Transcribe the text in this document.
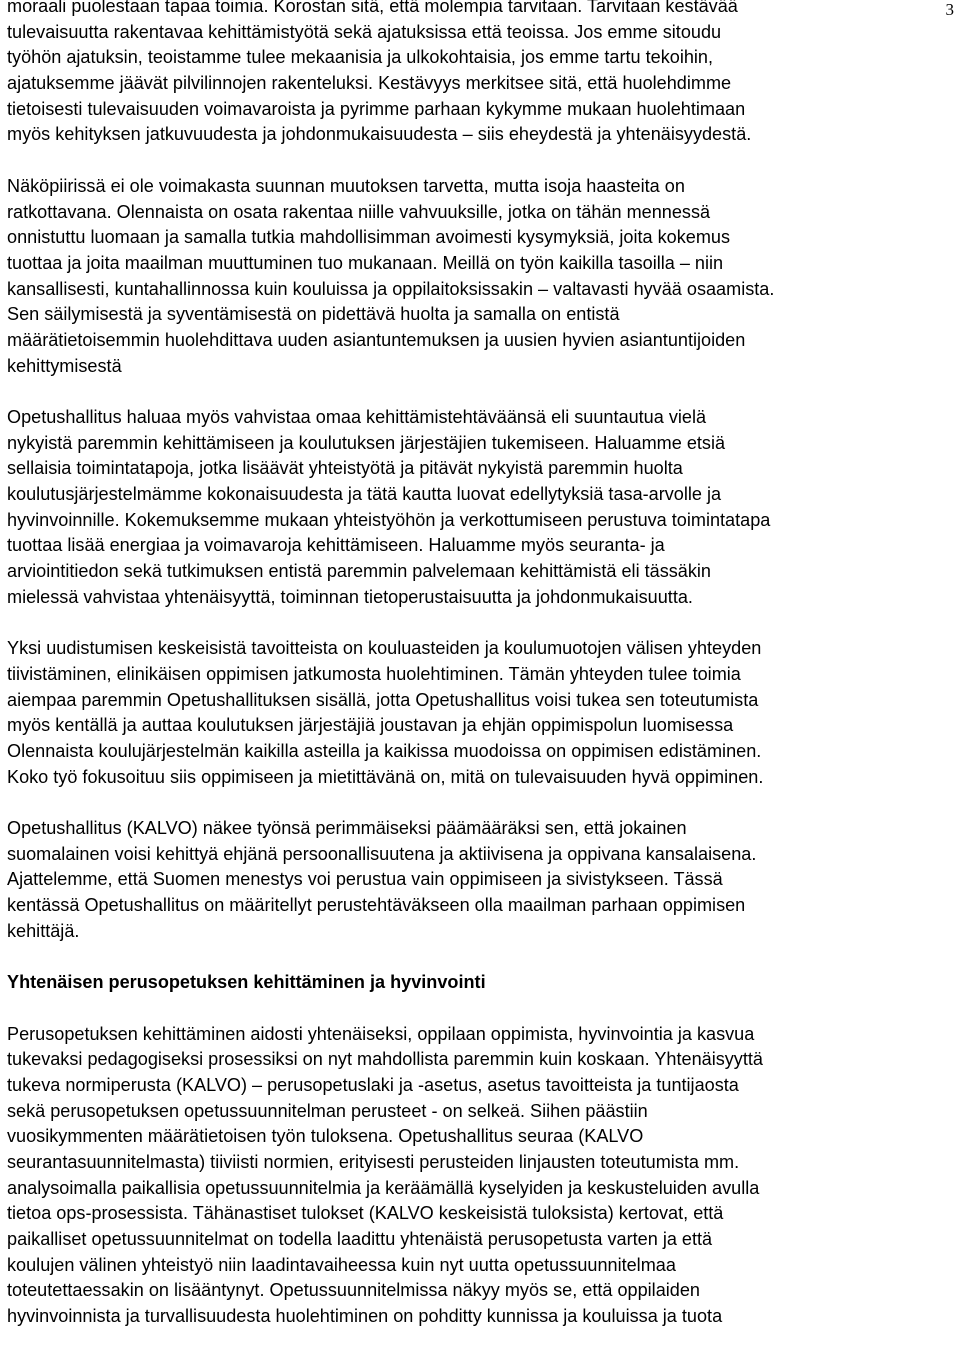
3

moraali puolestaan tapaa toimia. Korostan sitä, että molempia tarvitaan. Tarvitaan kestävää
tulevaisuutta rakentavaa kehittämistyötä sekä ajatuksissa että teoissa. Jos emme sitoudu
työhön ajatuksin, teoistamme tulee mekaanisia ja ulkokohtaisia, jos emme tartu tekoihin,
ajatuksemme jäävät pilvilinnojen rakenteluksi. Kestävyys merkitsee sitä, että huolehdimme
tietoisesti tulevaisuuden voimavaroista ja pyrimme parhaan kykymme mukaan huolehtimaan
myös kehityksen jatkuvuudesta ja johdonmukaisuudesta – siis eheydestä ja yhtenäisyydestä.

Näköpiirissä ei ole voimakasta suunnan muutoksen tarvetta, mutta isoja haasteita on
ratkottavana. Olennaista on osata rakentaa niille vahvuuksille, jotka on tähän mennessä
onnistuttu luomaan ja samalla tutkia mahdollisimman avoimesti kysymyksiä, joita kokemus
tuottaa ja joita maailman muuttuminen tuo mukanaan. Meillä on työn kaikilla tasoilla – niin
kansallisesti, kuntahallinnossa kuin kouluissa ja oppilaitoksissakin – valtavasti hyvää osaamista.
Sen säilymisestä ja syventämisestä on pidettävä huolta ja samalla on entistä
määrätietoisemmin huolehdittava uuden asiantuntemuksen ja uusien hyvien asiantuntijoiden
kehittymisestä

Opetushallitus haluaa myös vahvistaa omaa kehittämistehtäväänsä eli suuntautua vielä
nykyistä paremmin kehittämiseen ja koulutuksen järjestäjien tukemiseen. Haluamme etsiä
sellaisia toimintatapoja, jotka lisäävät yhteistyötä ja pitävät nykyistä paremmin huolta
koulutusjärjestelmämme kokonaisuudesta ja tätä kautta luovat edellytyksiä tasa-arvolle ja
hyvinvoinnille. Kokemuksemme mukaan yhteistyöhön ja verkottumiseen perustuva toimintatapa
tuottaa lisää energiaa ja voimavaroja kehittämiseen. Haluamme myös seuranta- ja
arviointitiedon sekä tutkimuksen entistä paremmin palvelemaan kehittämistä eli tässäkin
mielessä vahvistaa yhtenäisyyttä, toiminnan tietoperustaisuutta ja johdonmukaisuutta.

Yksi uudistumisen keskeisistä tavoitteista on kouluasteiden ja koulumuotojen välisen yhteyden
tiivistäminen, elinikäisen oppimisen jatkumosta huolehtiminen. Tämän yhteyden tulee toimia
aiempaa paremmin Opetushallituksen sisällä, jotta Opetushallitus voisi tukea sen toteutumista
myös kentällä ja auttaa koulutuksen järjestäjiä joustavan ja ehjän oppimispolun luomisessa
Olennaista koulujärjestelmän kaikilla asteilla ja kaikissa muodoissa on oppimisen edistäminen.
Koko työ fokusoituu siis oppimiseen ja mietittävänä on, mitä on tulevaisuuden hyvä oppiminen.

Opetushallitus (KALVO) näkee työnsä perimmäiseksi päämääräksi sen, että jokainen
suomalainen voisi kehittyä ehjänä persoonallisuutena ja aktiivisena ja oppivana kansalaisena.
Ajattelemme, että Suomen menestys voi perustua vain oppimiseen ja sivistykseen. Tässä
kentässä Opetushallitus on määritellyt perustehtäväkseen olla maailman parhaan oppimisen
kehittäjä.

Yhtenäisen perusopetuksen kehittäminen ja hyvinvointi

Perusopetuksen kehittäminen aidosti yhtenäiseksi, oppilaan oppimista, hyvinvointia ja kasvua
tukevaksi pedagogiseksi prosessiksi on nyt mahdollista paremmin kuin koskaan. Yhtenäisyyttä
tukeva normiperusta (KALVO) – perusopetuslaki ja -asetus, asetus tavoitteista ja tuntijaosta
sekä perusopetuksen opetussuunnitelman perusteet - on selkeä. Siihen päästiin
vuosikymmenten määrätietoisen työn tuloksena. Opetushallitus seuraa (KALVO
seurantasuunnitelmasta) tiiviisti normien, erityisesti perusteiden linjausten toteutumista mm.
analysoimalla paikallisia opetussuunnitelmia ja keräämällä kyselyiden ja keskusteluiden avulla
tietoa ops-prosessista. Tähänastiset tulokset (KALVO keskeisistä tuloksista) kertovat, että
paikalliset opetussuunnitelmat on todella laadittu yhtenäistä perusopetusta varten ja että
koulujen välinen yhteistyö niin laadintavaiheessa kuin nyt uutta opetussuunnitelmaa
toteutettaessakin on lisääntynyt. Opetussuunnitelmissa näkyy myös se, että oppilaiden
hyvinvoinnista ja turvallisuudesta huolehtiminen on pohditty kunnissa ja kouluissa ja tuota
